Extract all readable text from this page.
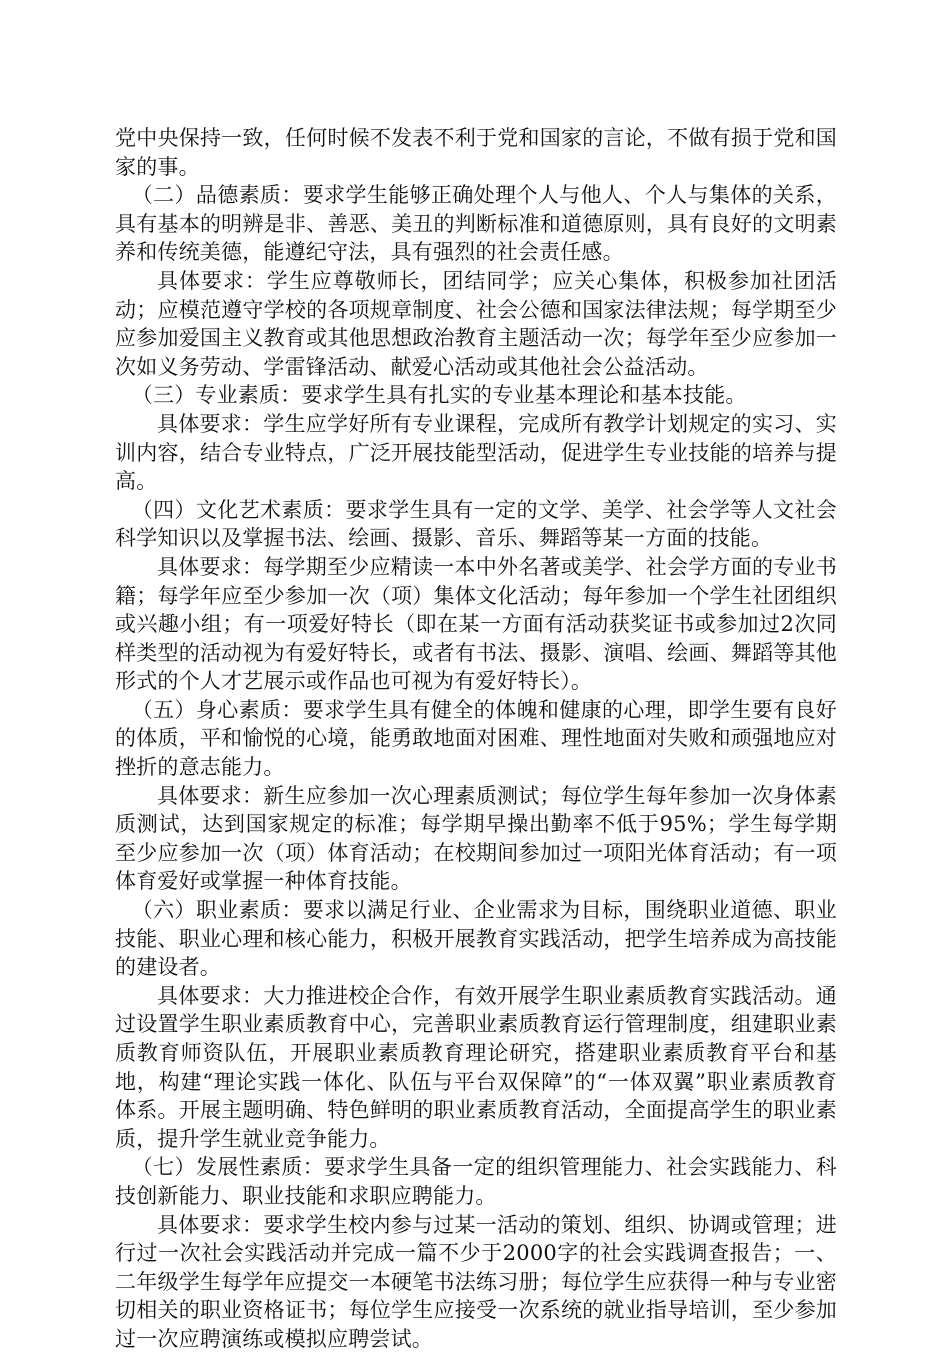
党中央保持一致，任何时候不发表不利于党和国家的言论，不做有损于党和国家的事。

（二）品德素质：要求学生能够正确处理个人与他人、个人与集体的关系，具有基本的明辨是非、善恶、美丑的判断标准和道德原则，具有良好的文明素养和传统美德，能遵纪守法，具有强烈的社会责任感。

具体要求：学生应尊敬师长，团结同学；应关心集体，积极参加社团活动；应模范遵守学校的各项规章制度、社会公德和国家法律法规；每学期至少应参加爱国主义教育或其他思想政治教育主题活动一次；每学年至少应参加一次如义务劳动、学雷锋活动、献爱心活动或其他社会公益活动。

（三）专业素质：要求学生具有扎实的专业基本理论和基本技能。

具体要求：学生应学好所有专业课程，完成所有教学计划规定的实习、实训内容，结合专业特点，广泛开展技能型活动，促进学生专业技能的培养与提高。

（四）文化艺术素质：要求学生具有一定的文学、美学、社会学等人文社会科学知识以及掌握书法、绘画、摄影、音乐、舞蹈等某一方面的技能。

具体要求：每学期至少应精读一本中外名著或美学、社会学方面的专业书籍；每学年应至少参加一次（项）集体文化活动；每年参加一个学生社团组织或兴趣小组；有一项爱好特长（即在某一方面有活动获奖证书或参加过2次同样类型的活动视为有爱好特长，或者有书法、摄影、演唱、绘画、舞蹈等其他形式的个人才艺展示或作品也可视为有爱好特长）。

（五）身心素质：要求学生具有健全的体魄和健康的心理，即学生要有良好的体质，平和愉悦的心境，能勇敢地面对困难、理性地面对失败和顽强地应对挫折的意志能力。

具体要求：新生应参加一次心理素质测试；每位学生每年参加一次身体素质测试，达到国家规定的标准；每学期早操出勤率不低于95%；学生每学期至少应参加一次（项）体育活动；在校期间参加过一项阳光体育活动；有一项体育爱好或掌握一种体育技能。

（六）职业素质：要求以满足行业、企业需求为目标，围绕职业道德、职业技能、职业心理和核心能力，积极开展教育实践活动，把学生培养成为高技能的建设者。

具体要求：大力推进校企合作，有效开展学生职业素质教育实践活动。通过设置学生职业素质教育中心，完善职业素质教育运行管理制度，组建职业素质教育师资队伍，开展职业素质教育理论研究，搭建职业素质教育平台和基地，构建“理论实践一体化、队伍与平台双保障”的“一体双翼”职业素质教育体系。开展主题明确、特色鲜明的职业素质教育活动，全面提高学生的职业素质，提升学生就业竞争能力。

（七）发展性素质：要求学生具备一定的组织管理能力、社会实践能力、科技创新能力、职业技能和求职应聘能力。

具体要求：要求学生校内参与过某一活动的策划、组织、协调或管理；进行过一次社会实践活动并完成一篇不少于2000字的社会实践调查报告；一、二年级学生每学年应提交一本硬笔书法练习册；每位学生应获得一种与专业密切相关的职业资格证书；每位学生应接受一次系统的就业指导培训，至少参加过一次应聘演练或模拟应聘尝试。
